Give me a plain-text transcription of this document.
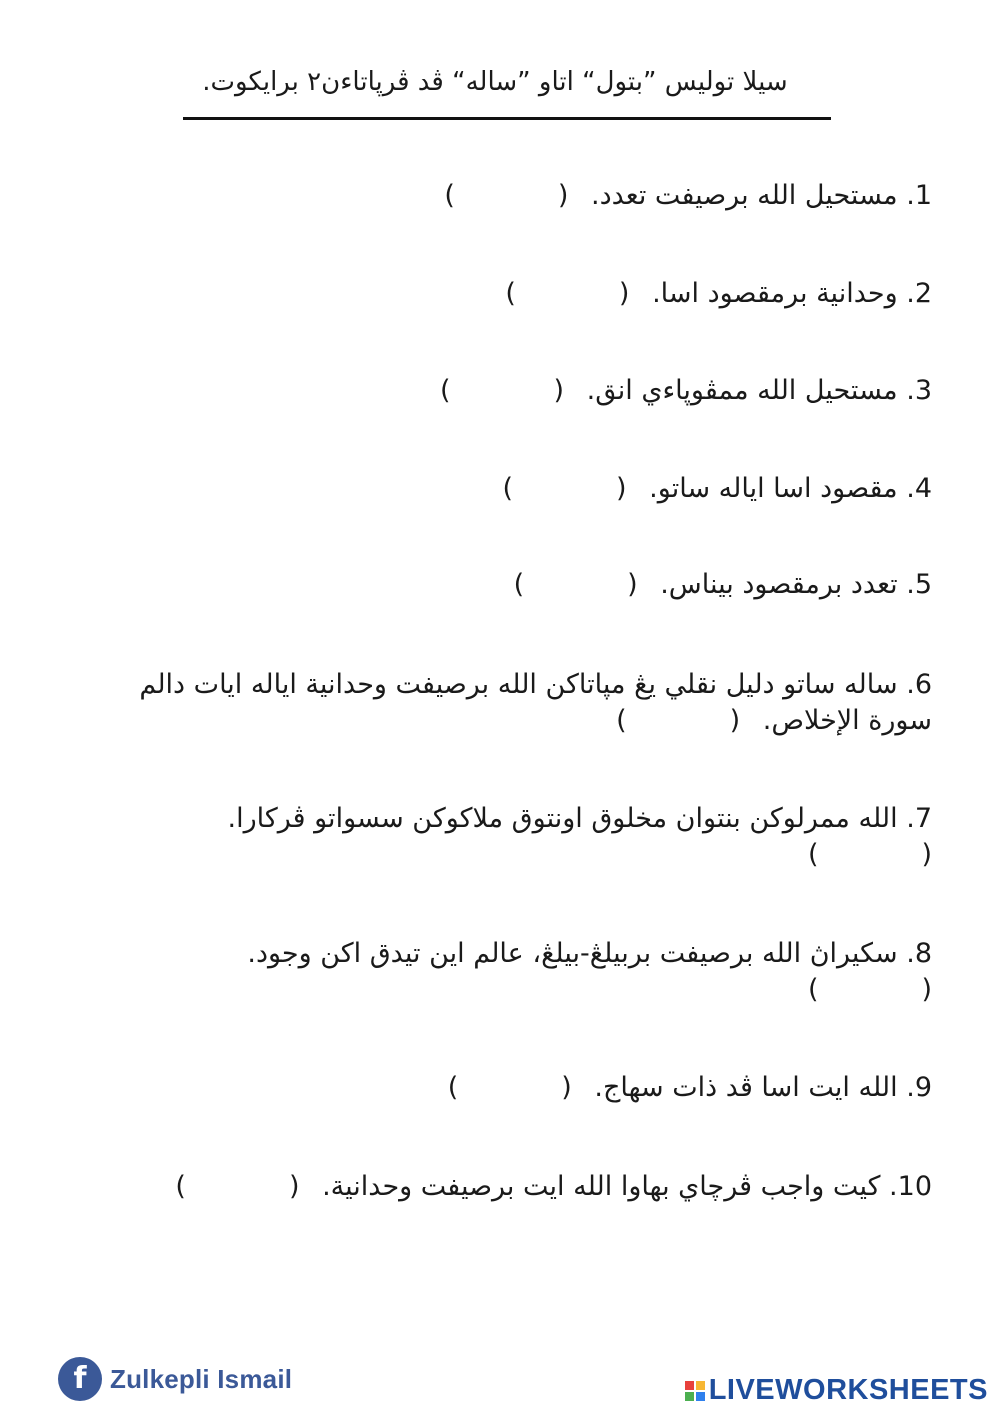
سيلا توليس ”بتول“ اتاو ”ساله“ ڤد ڤرپاتاءن٢ برايكوت.
1. مستحيل الله برصيفت تعدد. (            )
2. وحدانية برمقصود اسا. (            )
3. مستحيل الله ممڤوپاءي انق. (            )
4. مقصود اسا اياله ساتو. (            )
5. تعدد برمقصود بيناس. (            )
6. ساله ساتو دليل نقلي يڠ مپاتاكن الله برصيفت وحدانية اياله ايات دالم
سورة الإخلاص. (            )
7. الله ممرلوكن بنتوان مخلوق اونتوق ملاكوكن سسواتو ڤركارا.
(            )
8. سكيراڽ الله برصيفت بربيلڠ-بيلڠ، عالم اين تيدق اكن وجود.
(            )
9. الله ايت اسا ڤد ذات سهاج. (            )
10. كيت واجب ڤرچاي بهاوا الله ايت برصيفت وحدانية. (            )
f Zulkepli Ismail	LIVEWORKSHEETS
